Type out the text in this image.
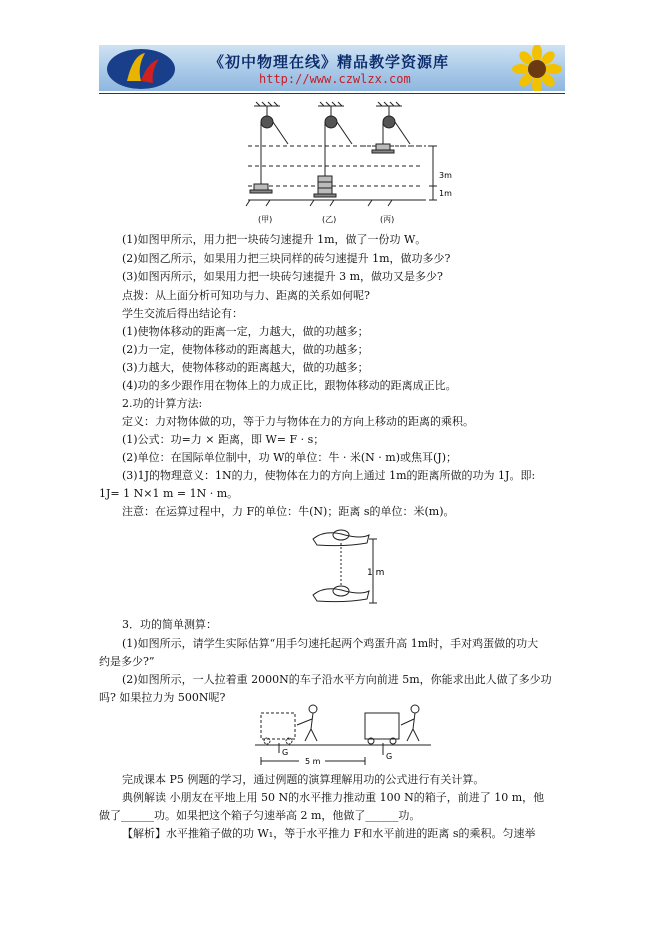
《初中物理在线》精品教学资源库
http://www.czwlzx.com
3m
1m
(甲)	(乙)	(丙)
(1)如图甲所示，用力把一块砖匀速提升 1m，做了一份功 W。
(2)如图乙所示，如果用力把三块同样的砖匀速提升 1m，做功多少?
(3)如图丙所示，如果用力把一块砖匀速提升 3 m，做功又是多少?
点拨：从上面分析可知功与力、距离的关系如何呢?
学生交流后得出结论有：
(1)使物体移动的距离一定，力越大，做的功越多；
(2)力一定，使物体移动的距离越大，做的功越多；
(3)力越大，使物体移动的距离越大，做的功越多；
(4)功的多少跟作用在物体上的力成正比，跟物体移动的距离成正比。
2.功的计算方法:
定义：力对物体做的功，等于力与物体在力的方向上移动的距离的乘积。
(1)公式：功=力 × 距离，即 W= F · s；
(2)单位：在国际单位制中，功 W的单位：牛 · 米(N · m)或焦耳(J)；
(3)1J的物理意义：1N的力，使物体在力的方向上通过 1m的距离所做的功为 1J。即:
1J= 1 N×1 m = 1N · m。
注意：在运算过程中，力 F的单位：牛(N)；距离 s的单位：米(m)。
1 m
3．功的简单测算：
(1)如图所示，请学生实际估算“用手匀速托起两个鸡蛋升高 1m时，手对鸡蛋做的功大
约是多少?”
(2)如图所示，一人拉着重 2000N的车子沿水平方向前进 5m，你能求出此人做了多少功
吗? 如果拉力为 500N呢?
G	G
5 m
完成课本 P5 例题的学习，通过例题的演算理解用功的公式进行有关计算。
典例解读 小朋友在平地上用 50 N的水平推力推动重 100 N的箱子，前进了 10 m，他
做了______功。如果把这个箱子匀速举高 2 m，他做了______功。
【解析】水平推箱子做的功 W₁，等于水平推力 F和水平前进的距离 s的乘积。匀速举
